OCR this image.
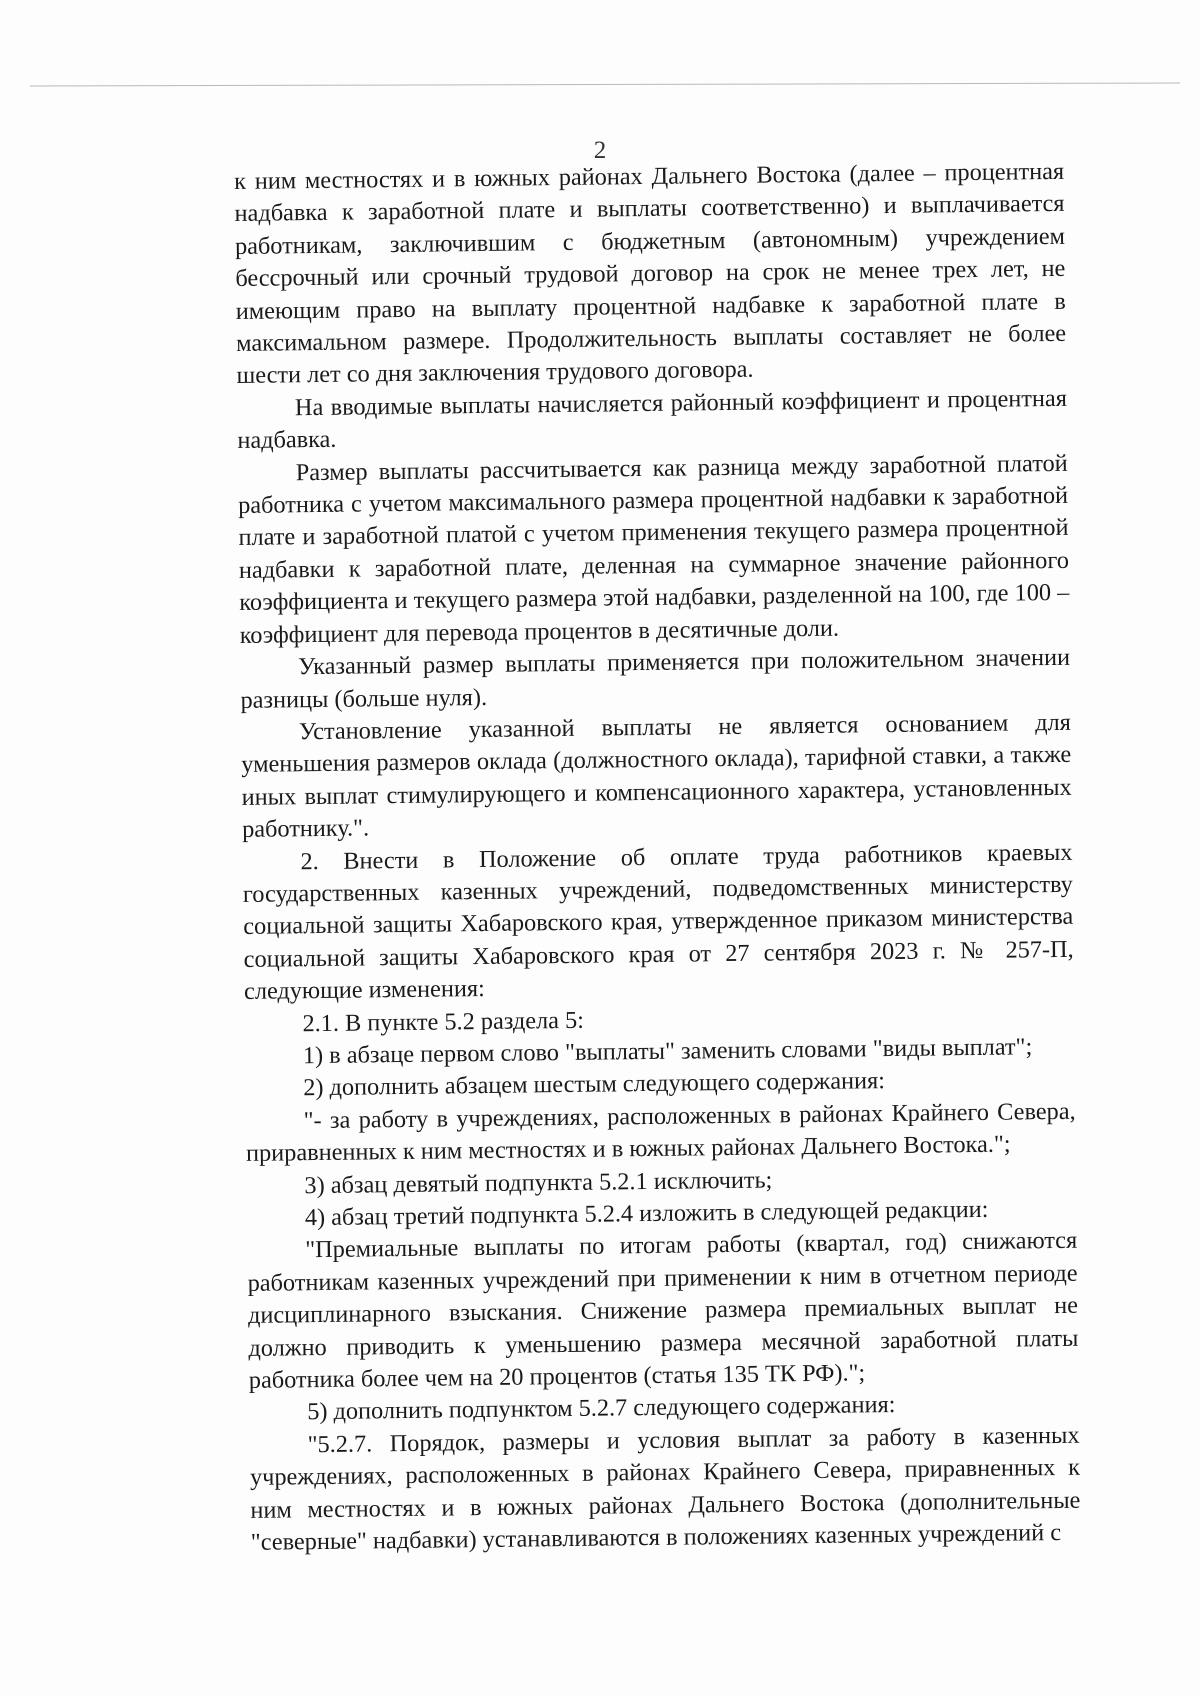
2

к ним местностях и в южных районах Дальнего Востока (далее – процентная надбавка к заработной плате и выплаты соответственно) и выплачивается работникам, заключившим с бюджетным (автономным) учреждением бессрочный или срочный трудовой договор на срок не менее трех лет, не имеющим право на выплату процентной надбавке к заработной плате в максимальном размере. Продолжительность выплаты составляет не более шести лет со дня заключения трудового договора.

На вводимые выплаты начисляется районный коэффициент и процентная надбавка.

Размер выплаты рассчитывается как разница между заработной платой работника с учетом максимального размера процентной надбавки к заработной плате и заработной платой с учетом применения текущего размера процентной надбавки к заработной плате, деленная на суммарное значение районного коэффициента и текущего размера этой надбавки, разделенной на 100, где 100 – коэффициент для перевода процентов в десятичные доли.

Указанный размер выплаты применяется при положительном значении разницы (больше нуля).

Установление указанной выплаты не является основанием для уменьшения размеров оклада (должностного оклада), тарифной ставки, а также иных выплат стимулирующего и компенсационного характера, установленных работнику.".

2. Внести в Положение об оплате труда работников краевых государственных казенных учреждений, подведомственных министерству социальной защиты Хабаровского края, утвержденное приказом министерства социальной защиты Хабаровского края от 27 сентября 2023 г. № 257-П, следующие изменения:

2.1. В пункте 5.2 раздела 5:

1) в абзаце первом слово "выплаты" заменить словами "виды выплат";

2) дополнить абзацем шестым следующего содержания:

"- за работу в учреждениях, расположенных в районах Крайнего Севера, приравненных к ним местностях и в южных районах Дальнего Востока.";

3) абзац девятый подпункта 5.2.1 исключить;

4) абзац третий подпункта 5.2.4 изложить в следующей редакции:

"Премиальные выплаты по итогам работы (квартал, год) снижаются работникам казенных учреждений при применении к ним в отчетном периоде дисциплинарного взыскания. Снижение размера премиальных выплат не должно приводить к уменьшению размера месячной заработной платы работника более чем на 20 процентов (статья 135 ТК РФ).";

5) дополнить подпунктом 5.2.7 следующего содержания:

"5.2.7. Порядок, размеры и условия выплат за работу в казенных учреждениях, расположенных в районах Крайнего Севера, приравненных к ним местностях и в южных районах Дальнего Востока (дополнительные "северные" надбавки) устанавливаются в положениях казенных учреждений с
